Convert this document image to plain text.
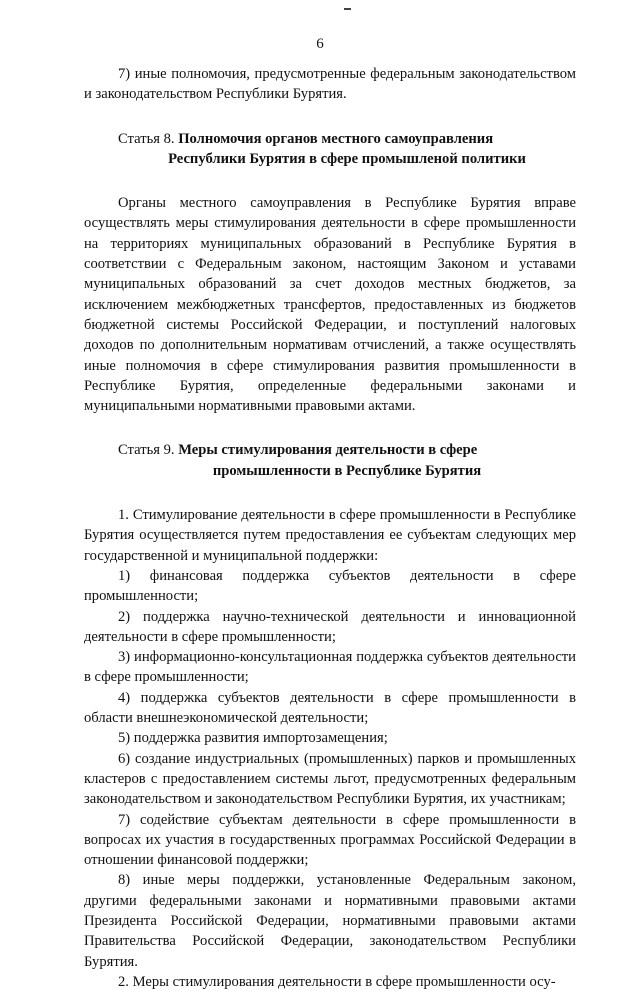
6

7) иные полномочия, предусмотренные федеральным законодательством и законодательством Республики Бурятия.

Статья 8. Полномочия органов местного самоуправления
Республики Бурятия в сфере промышленой политики

Органы местного самоуправления в Республике Бурятия вправе осуществлять меры стимулирования деятельности в сфере промышленности на территориях муниципальных образований в Республике Бурятия в соответствии с Федеральным законом, настоящим Законом и уставами муниципальных образований за счет доходов местных бюджетов, за исключением межбюджетных трансфертов, предоставленных из бюджетов бюджетной системы Российской Федерации, и поступлений налоговых доходов по дополнительным нормативам отчислений, а также осуществлять иные полномочия в сфере стимулирования развития промышленности в Республике Бурятия, определенные федеральными законами и муниципальными нормативными правовыми актами.

Статья 9. Меры стимулирования деятельности в сфере
промышленности в Республике Бурятия

1. Стимулирование деятельности в сфере промышленности в Республике Бурятия осуществляется путем предоставления ее субъектам следующих мер государственной и муниципальной поддержки:

1) финансовая поддержка субъектов деятельности в сфере промышленности;

2) поддержка научно-технической деятельности и инновационной деятельности в сфере промышленности;

3) информационно-консультационная поддержка субъектов деятельности в сфере промышленности;

4) поддержка субъектов деятельности в сфере промышленности в области внешнеэкономической деятельности;

5) поддержка развития импортозамещения;

6) создание индустриальных (промышленных) парков и промышленных кластеров с предоставлением системы льгот, предусмотренных федеральным законодательством и законодательством Республики Бурятия, их участникам;

7) содействие субъектам деятельности в сфере промышленности в вопросах их участия в государственных программах Российской Федерации в отношении финансовой поддержки;

8) иные меры поддержки, установленные Федеральным законом, другими федеральными законами и нормативными правовыми актами Президента Российской Федерации, нормативными правовыми актами Правительства Российской Федерации, законодательством Республики Бурятия.

2. Меры стимулирования деятельности в сфере промышленности осу-
